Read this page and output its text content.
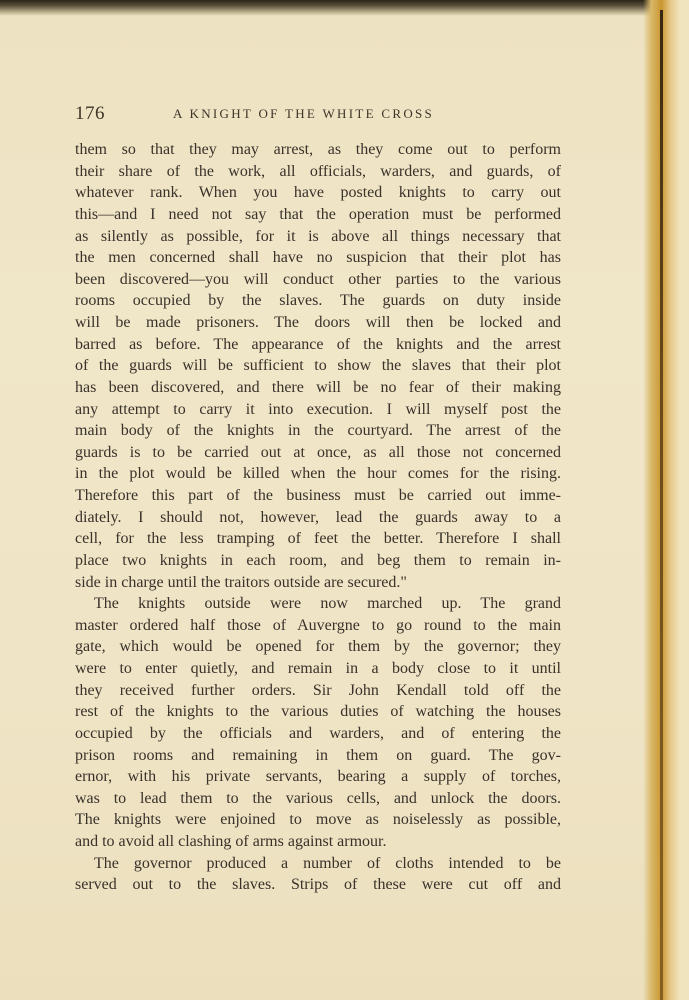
176	A KNIGHT OF THE WHITE CROSS
them so that they may arrest, as they come out to perform
their share of the work, all officials, warders, and guards, of
whatever rank. When you have posted knights to carry out
this—and I need not say that the operation must be performed
as silently as possible, for it is above all things necessary that
the men concerned shall have no suspicion that their plot has
been discovered—you will conduct other parties to the various
rooms occupied by the slaves. The guards on duty inside
will be made prisoners. The doors will then be locked and
barred as before. The appearance of the knights and the arrest
of the guards will be sufficient to show the slaves that their plot
has been discovered, and there will be no fear of their making
any attempt to carry it into execution. I will myself post the
main body of the knights in the courtyard. The arrest of the
guards is to be carried out at once, as all those not concerned
in the plot would be killed when the hour comes for the rising.
Therefore this part of the business must be carried out imme-
diately. I should not, however, lead the guards away to a
cell, for the less tramping of feet the better. Therefore I shall
place two knights in each room, and beg them to remain in-
side in charge until the traitors outside are secured."
The knights outside were now marched up. The grand
master ordered half those of Auvergne to go round to the main
gate, which would be opened for them by the governor; they
were to enter quietly, and remain in a body close to it until
they received further orders. Sir John Kendall told off the
rest of the knights to the various duties of watching the houses
occupied by the officials and warders, and of entering the
prison rooms and remaining in them on guard. The gov-
ernor, with his private servants, bearing a supply of torches,
was to lead them to the various cells, and unlock the doors.
The knights were enjoined to move as noiselessly as possible,
and to avoid all clashing of arms against armour.
The governor produced a number of cloths intended to be
served out to the slaves. Strips of these were cut off and
